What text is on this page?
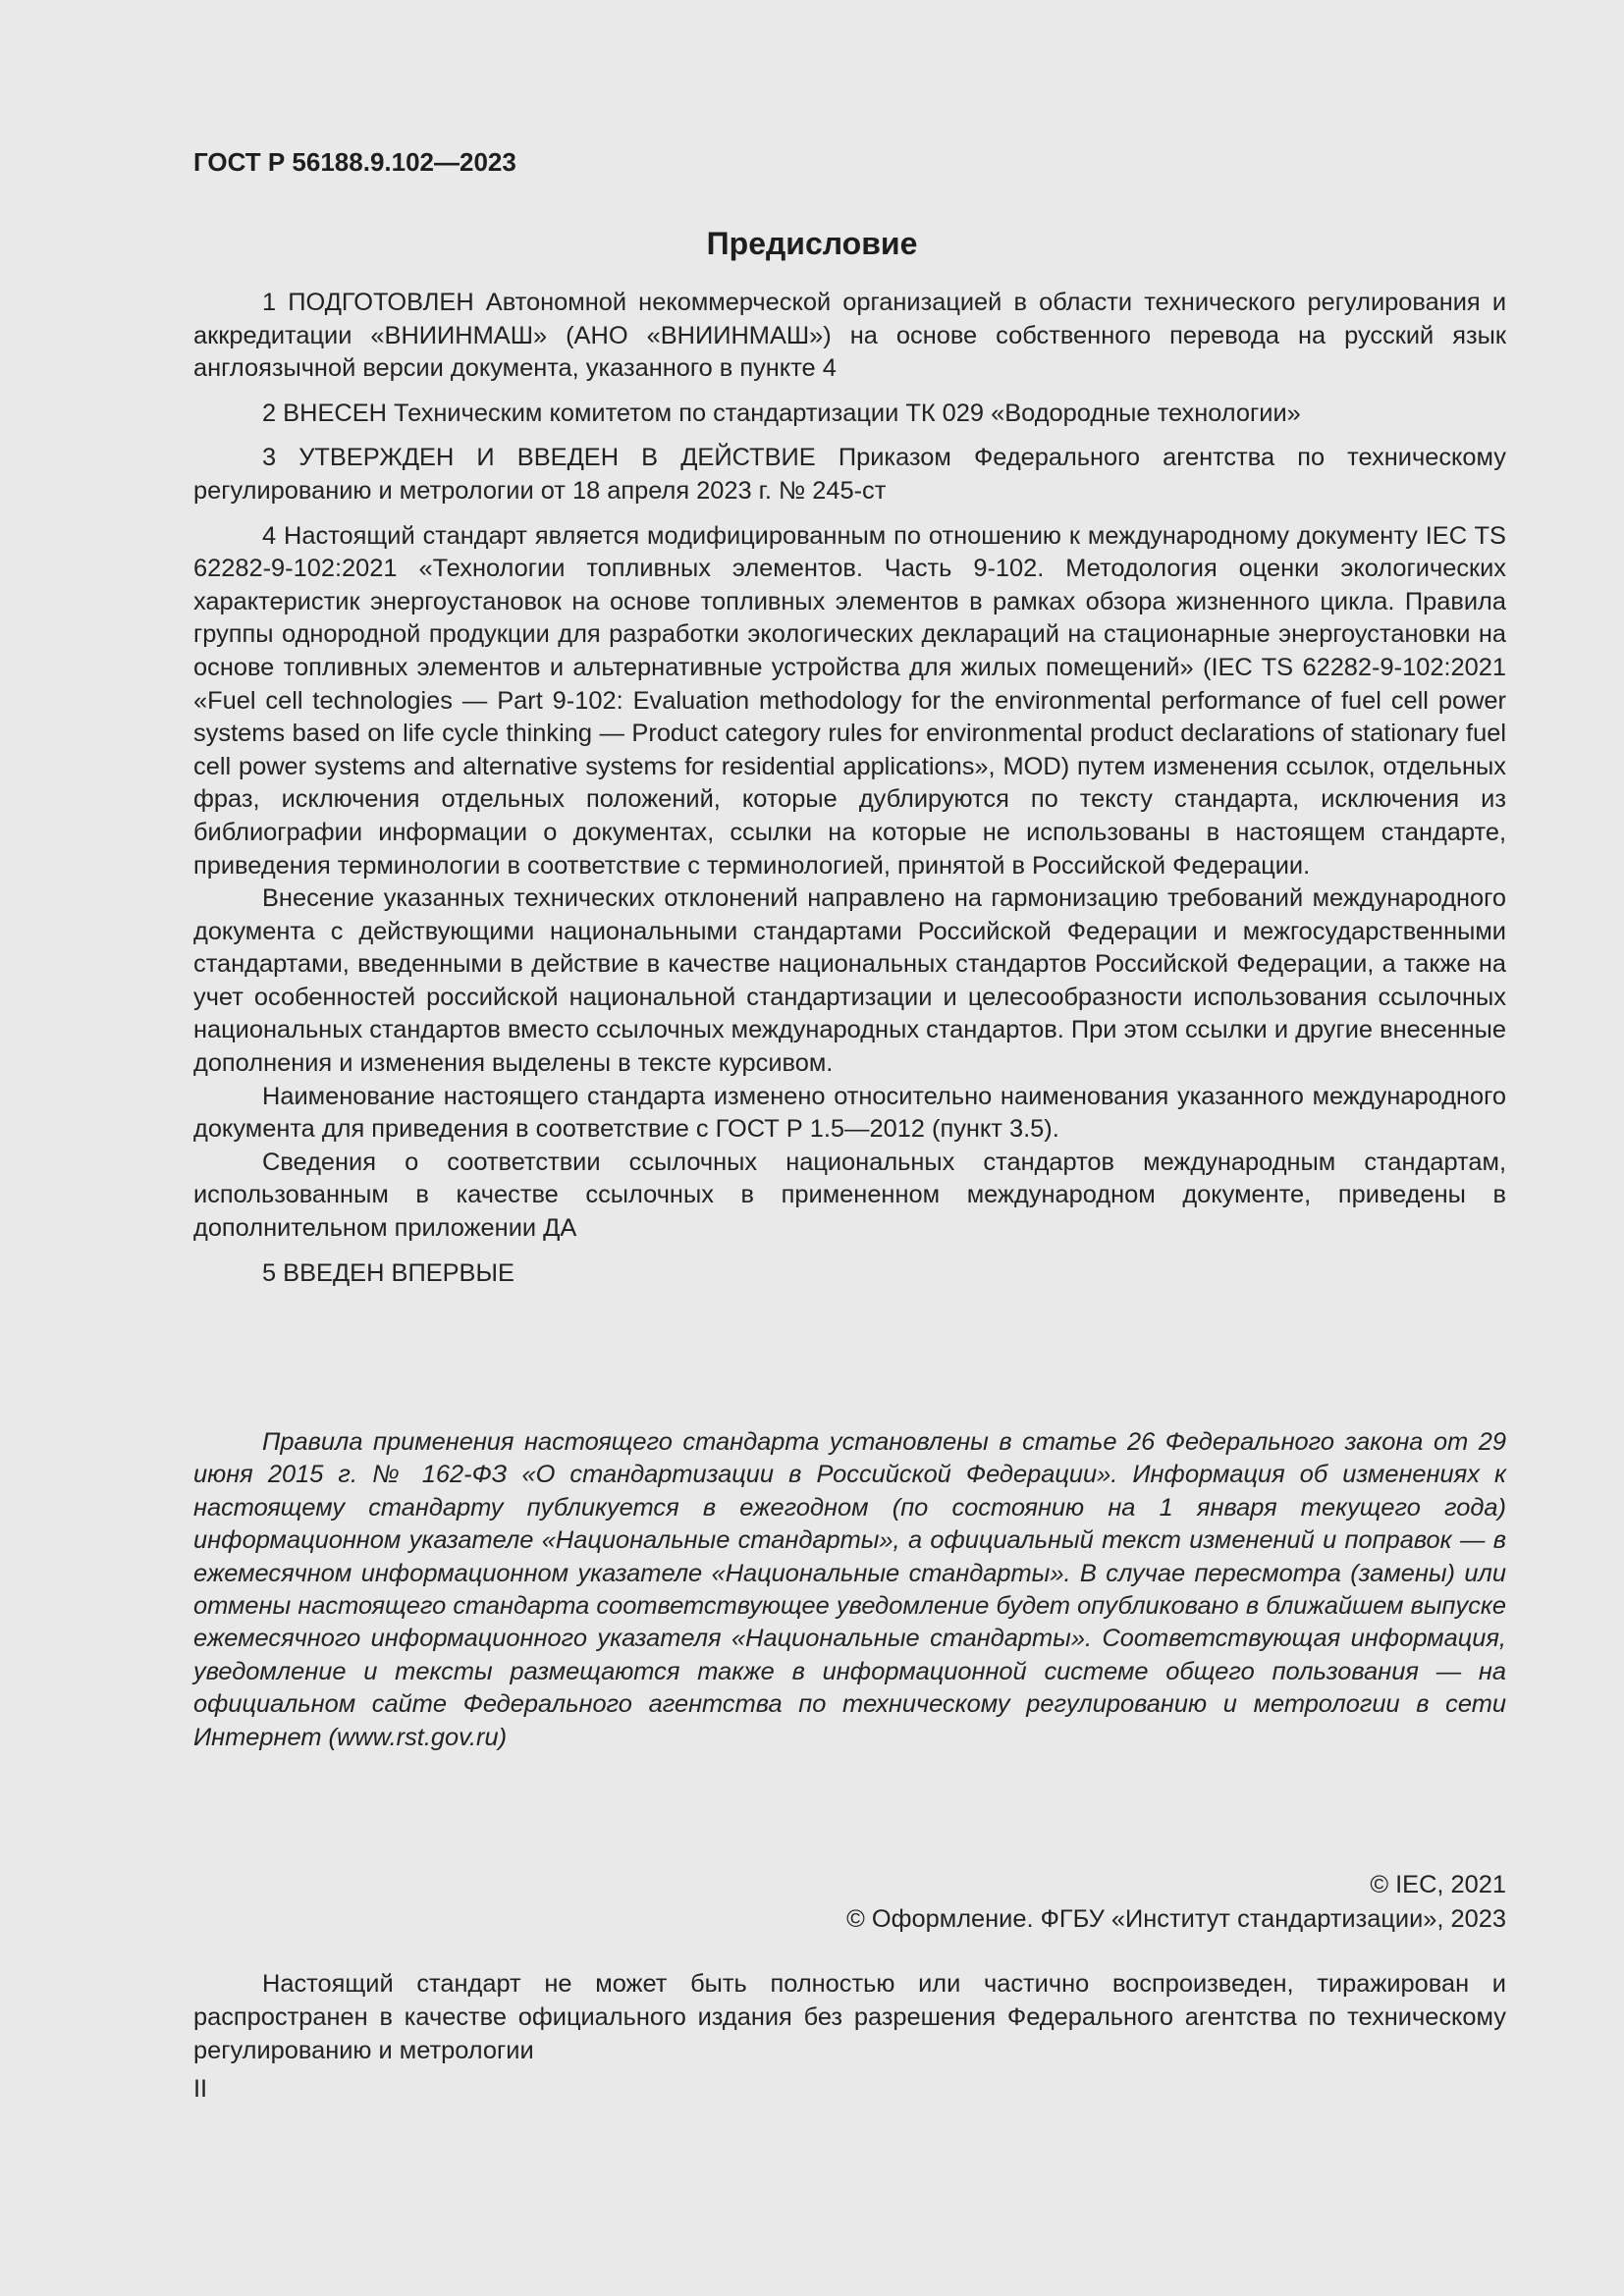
ГОСТ Р 56188.9.102—2023
Предисловие

1 ПОДГОТОВЛЕН Автономной некоммерческой организацией в области технического регулирования и аккредитации «ВНИИНМАШ» (АНО «ВНИИНМАШ») на основе собственного перевода на русский язык англоязычной версии документа, указанного в пункте 4

2 ВНЕСЕН Техническим комитетом по стандартизации ТК 029 «Водородные технологии»

3 УТВЕРЖДЕН И ВВЕДЕН В ДЕЙСТВИЕ Приказом Федерального агентства по техническому регулированию и метрологии от 18 апреля 2023 г. № 245-ст

4 Настоящий стандарт является модифицированным по отношению к международному документу IEC TS 62282-9-102:2021 «Технологии топливных элементов. Часть 9-102. Методология оценки экологических характеристик энергоустановок на основе топливных элементов в рамках обзора жизненного цикла. Правила группы однородной продукции для разработки экологических деклараций на стационарные энергоустановки на основе топливных элементов и альтернативные устройства для жилых помещений» (IEC TS 62282-9-102:2021 «Fuel cell technologies — Part 9-102: Evaluation methodology for the environmental performance of fuel cell power systems based on life cycle thinking — Product category rules for environmental product declarations of stationary fuel cell power systems and alternative systems for residential applications», MOD) путем изменения ссылок, отдельных фраз, исключения отдельных положений, которые дублируются по тексту стандарта, исключения из библиографии информации о документах, ссылки на которые не использованы в настоящем стандарте, приведения терминологии в соответствие с терминологией, принятой в Российской Федерации.

Внесение указанных технических отклонений направлено на гармонизацию требований международного документа с действующими национальными стандартами Российской Федерации и межгосударственными стандартами, введенными в действие в качестве национальных стандартов Российской Федерации, а также на учет особенностей российской национальной стандартизации и целесообразности использования ссылочных национальных стандартов вместо ссылочных международных стандартов. При этом ссылки и другие внесенные дополнения и изменения выделены в тексте курсивом.

Наименование настоящего стандарта изменено относительно наименования указанного международного документа для приведения в соответствие с ГОСТ Р 1.5—2012 (пункт 3.5).

Сведения о соответствии ссылочных национальных стандартов международным стандартам, использованным в качестве ссылочных в примененном международном документе, приведены в дополнительном приложении ДА

5 ВВЕДЕН ВПЕРВЫЕ

Правила применения настоящего стандарта установлены в статье 26 Федерального закона от 29 июня 2015 г. № 162-ФЗ «О стандартизации в Российской Федерации». Информация об изменениях к настоящему стандарту публикуется в ежегодном (по состоянию на 1 января текущего года) информационном указателе «Национальные стандарты», а официальный текст изменений и поправок — в ежемесячном информационном указателе «Национальные стандарты». В случае пересмотра (замены) или отмены настоящего стандарта соответствующее уведомление будет опубликовано в ближайшем выпуске ежемесячного информационного указателя «Национальные стандарты». Соответствующая информация, уведомление и тексты размещаются также в информационной системе общего пользования — на официальном сайте Федерального агентства по техническому регулированию и метрологии в сети Интернет (www.rst.gov.ru)

© IEC, 2021
© Оформление. ФГБУ «Институт стандартизации», 2023

Настоящий стандарт не может быть полностью или частично воспроизведен, тиражирован и распространен в качестве официального издания без разрешения Федерального агентства по техническому регулированию и метрологии

II
